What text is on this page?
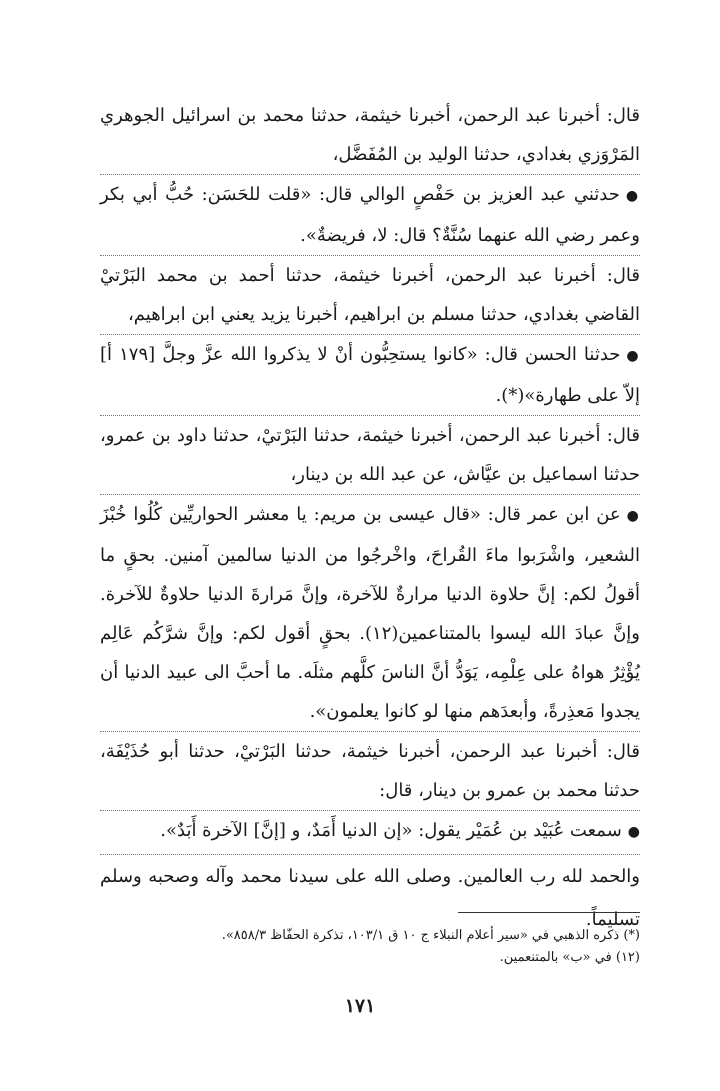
قال: أخبرنا عبد الرحمن، أخبرنا خيثمة، حدثنا محمد بن اسرائيل الجوهري المَرْوَزي بغدادي، حدثنا الوليد بن المُفَضَّل،

●حدثني عبد العزيز بن حَفْصٍ الوالي قال: «قلت للحَسَن: حُبُّ أبي بكر وعمر رضي الله عنهما سُنَّةٌ؟ قال: لا، فريضةٌ».

قال: أخبرنا عبد الرحمن، أخبرنا خيثمة، حدثنا أحمد بن محمد البَرْتيْ القاضي بغدادي، حدثنا مسلم بن ابراهيم، أخبرنا يزيد يعني ابن ابراهيم،

●حدثنا الحسن قال: «كانوا يستحِبُّون أنْ لا يذكروا الله عزَّ وجلَّ [١٧٩ أ] إلاّ على طهارة»(*).

قال: أخبرنا عبد الرحمن، أخبرنا خيثمة، حدثنا البَرْتيْ، حدثنا داود بن عمرو، حدثنا اسماعيل بن عيَّاش، عن عبد الله بن دينار،

●عن ابن عمر قال: «قال عيسى بن مريم: يا معشر الحواريِّين كُلُوا خُبْزَ الشعير، واشْرَبوا ماءَ القُراحَ، واخْرجُوا من الدنيا سالمين آمنين. بحقٍ ما أقولُ لكم: إنَّ حلاوة الدنيا مرارةٌ للآخرة، وإنَّ مَرارةَ الدنيا حلاوةٌ للآخرة. وإنَّ عبادَ الله ليسوا بالمتناعمين(١٢). بحقٍ أقول لكم: وإنَّ شرَّكُم عَالِم يُؤْثِرُ هواهُ على عِلْمِه، يَوَدُّ أنَّ الناسَ كلَّهم مثلَه. ما أحبَّ الى عبيد الدنيا أن يجدوا مَعذِرةً، وأبعدَهم منها لو كانوا يعلمون».

قال: أخبرنا عبد الرحمن، أخبرنا خيثمة، حدثنا البَرْتيْ، حدثنا أبو حُذَيْفَة، حدثنا محمد بن عمرو بن دينار، قال:

●سمعت عُبَيْد بن عُمَيْر يقول: «إن الدنيا أَمَدٌ، و [إنَّ] الآخرة أَبَدٌ».

والحمد لله رب العالمين. وصلى الله على سيدنا محمد وآله وصحبه وسلم تسليماً.

(*) ذكره الذهبي في «سير أعلام النبلاء ج ١٠ ق ١٠٣/١، تذكرة الحفّاظ ٨٥٨/٣».

(١٢) في «ب» بالمتنعمين.

١٧١
